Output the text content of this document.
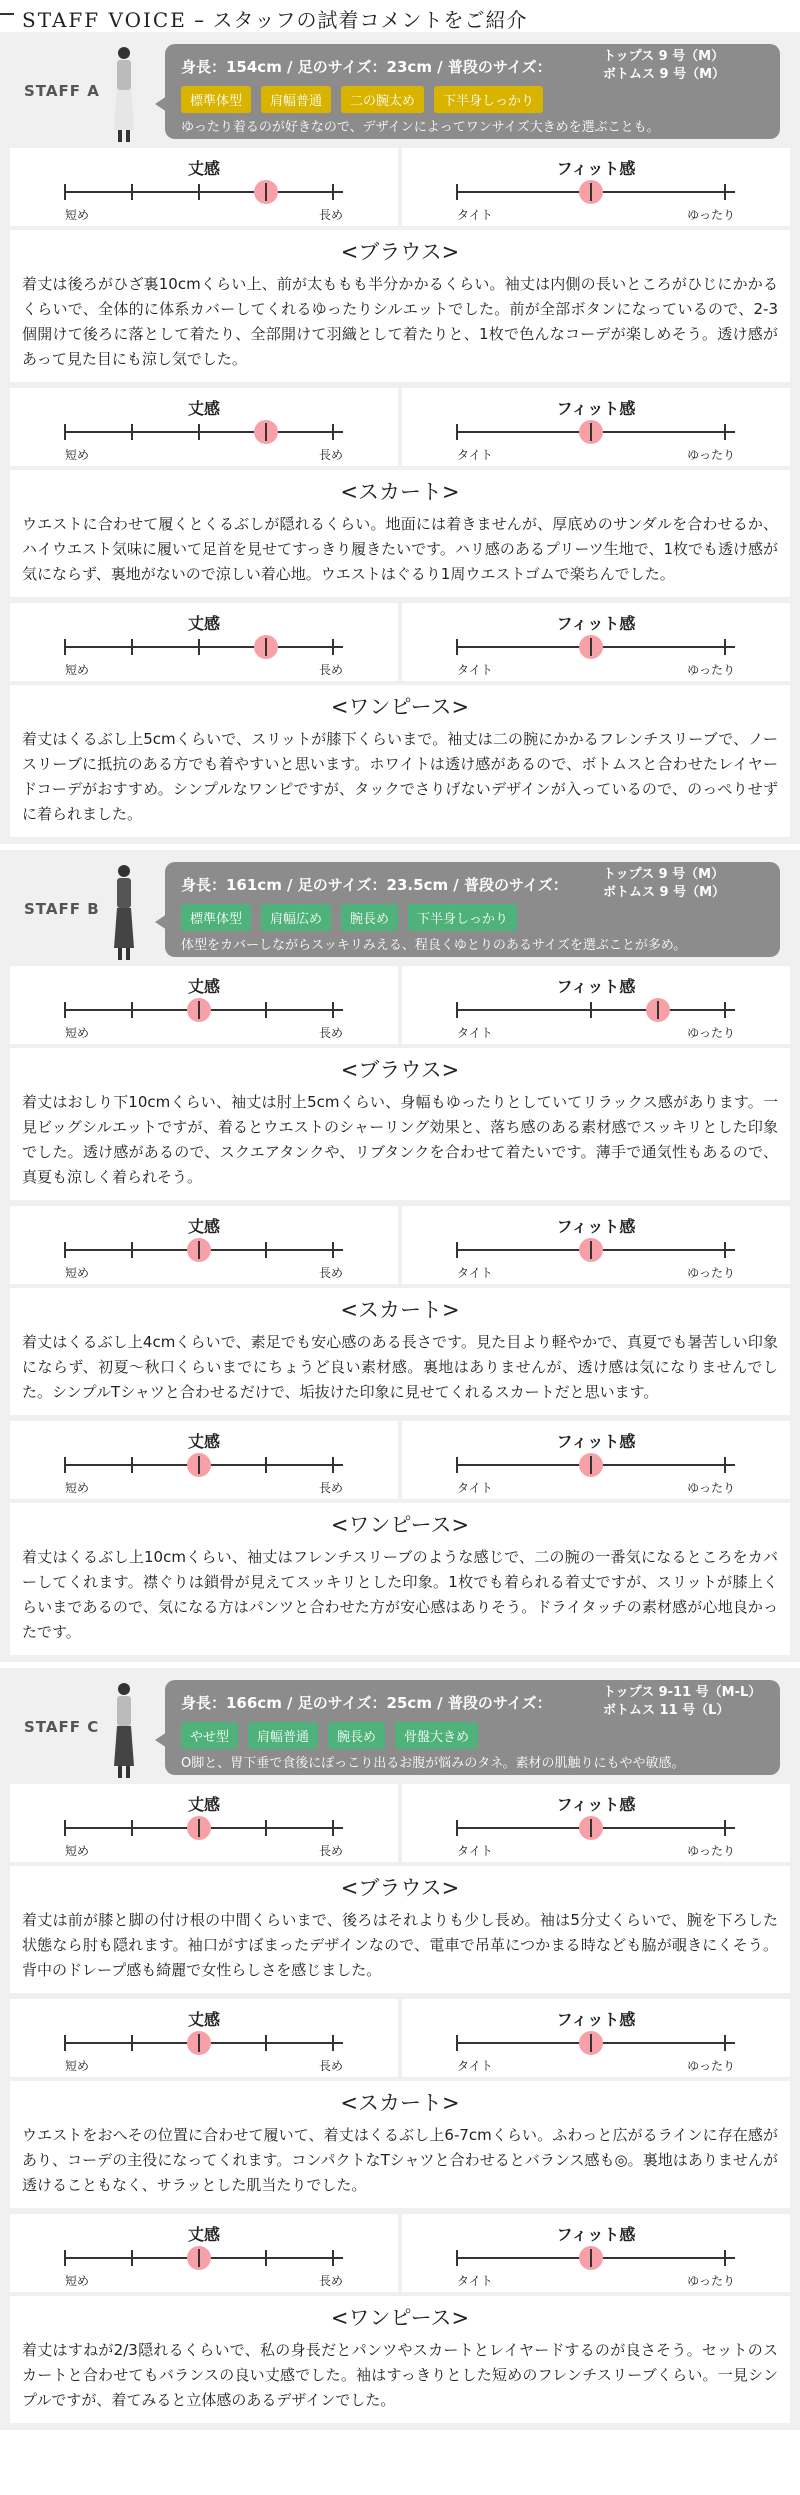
STAFF VOICE – スタッフの試着コメントをご紹介
STAFF A
身長：154cm / 足のサイズ：23cm / 普段のサイズ：
トップス 9 号（M）
ボトムス 9 号（M）
標準体型	肩幅普通	二の腕太め	下半身しっかり
ゆったり着るのが好きなので、デザインによってワンサイズ大きめを選ぶことも。
丈感
短め	長め
フィット感
タイト	ゆったり
<ブラウス>
着丈は後ろがひざ裏10cmくらい上、前が太ももも半分かかるくらい。袖丈は内側の長いところがひじにかかるくらいで、全体的に体系カバーしてくれるゆったりシルエットでした。前が全部ボタンになっているので、2-3個開けて後ろに落として着たり、全部開けて羽織として着たりと、1枚で色んなコーデが楽しめそう。透け感があって見た目にも涼し気でした。
丈感
短め	長め
フィット感
タイト	ゆったり
<スカート>
ウエストに合わせて履くとくるぶしが隠れるくらい。地面には着きませんが、厚底めのサンダルを合わせるか、ハイウエスト気味に履いて足首を見せてすっきり履きたいです。ハリ感のあるプリーツ生地で、1枚でも透け感が気にならず、裏地がないので涼しい着心地。ウエストはぐるり1周ウエストゴムで楽ちんでした。
丈感
短め	長め
フィット感
タイト	ゆったり
<ワンピース>
着丈はくるぶし上5cmくらいで、スリットが膝下くらいまで。袖丈は二の腕にかかるフレンチスリーブで、ノースリーブに抵抗のある方でも着やすいと思います。ホワイトは透け感があるので、ボトムスと合わせたレイヤードコーデがおすすめ。シンプルなワンピですが、タックでさりげないデザインが入っているので、のっぺりせずに着られました。
STAFF B
身長：161cm / 足のサイズ：23.5cm / 普段のサイズ：
トップス 9 号（M）
ボトムス 9 号（M）
標準体型	肩幅広め	腕長め	下半身しっかり
体型をカバーしながらスッキリみえる、程良くゆとりのあるサイズを選ぶことが多め。
丈感
短め	長め
フィット感
タイト	ゆったり
<ブラウス>
着丈はおしり下10cmくらい、袖丈は肘上5cmくらい、身幅もゆったりとしていてリラックス感があります。一見ビッグシルエットですが、着るとウエストのシャーリング効果と、落ち感のある素材感でスッキリとした印象でした。透け感があるので、スクエアタンクや、リブタンクを合わせて着たいです。薄手で通気性もあるので、真夏も涼しく着られそう。
丈感
短め	長め
フィット感
タイト	ゆったり
<スカート>
着丈はくるぶし上4cmくらいで、素足でも安心感のある長さです。見た目より軽やかで、真夏でも暑苦しい印象にならず、初夏〜秋口くらいまでにちょうど良い素材感。裏地はありませんが、透け感は気になりませんでした。シンプルTシャツと合わせるだけで、垢抜けた印象に見せてくれるスカートだと思います。
丈感
短め	長め
フィット感
タイト	ゆったり
<ワンピース>
着丈はくるぶし上10cmくらい、袖丈はフレンチスリーブのような感じで、二の腕の一番気になるところをカバーしてくれます。襟ぐりは鎖骨が見えてスッキリとした印象。1枚でも着られる着丈ですが、スリットが膝上くらいまであるので、気になる方はパンツと合わせた方が安心感はありそう。ドライタッチの素材感が心地良かったです。
STAFF C
身長：166cm / 足のサイズ：25cm / 普段のサイズ：
トップス 9-11 号（M-L）
ボトムス 11 号（L）
やせ型	肩幅普通	腕長め	骨盤大きめ
O脚と、胃下垂で食後にぽっこり出るお腹が悩みのタネ。素材の肌触りにもやや敏感。
丈感
短め	長め
フィット感
タイト	ゆったり
<ブラウス>
着丈は前が膝と脚の付け根の中間くらいまで、後ろはそれよりも少し長め。袖は5分丈くらいで、腕を下ろした状態なら肘も隠れます。袖口がすぼまったデザインなので、電車で吊革につかまる時なども脇が覗きにくそう。背中のドレープ感も綺麗で女性らしさを感じました。
丈感
短め	長め
フィット感
タイト	ゆったり
<スカート>
ウエストをおへその位置に合わせて履いて、着丈はくるぶし上6-7cmくらい。ふわっと広がるラインに存在感があり、コーデの主役になってくれます。コンパクトなTシャツと合わせるとバランス感も◎。裏地はありませんが透けることもなく、サラッとした肌当たりでした。
丈感
短め	長め
フィット感
タイト	ゆったり
<ワンピース>
着丈はすねが2/3隠れるくらいで、私の身長だとパンツやスカートとレイヤードするのが良さそう。セットのスカートと合わせてもバランスの良い丈感でした。袖はすっきりとした短めのフレンチスリーブくらい。一見シンプルですが、着てみると立体感のあるデザインでした。
